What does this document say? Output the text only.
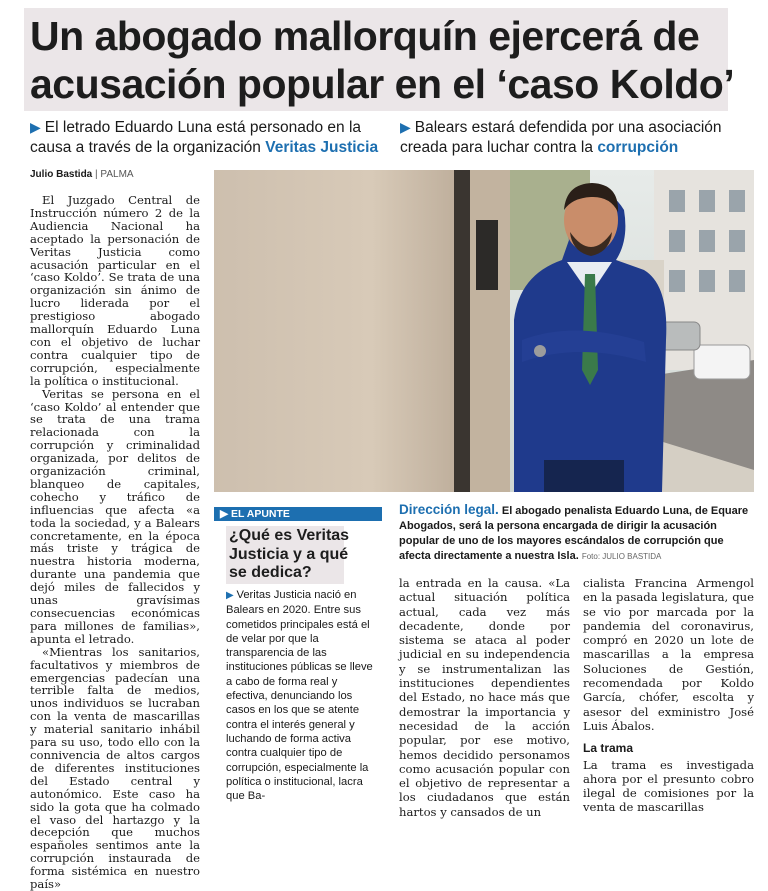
Un abogado mallorquín ejercerá de acusación popular en el ‘caso Koldo’
▶ El letrado Eduardo Luna está personado en la causa a través de la organización Veritas Justicia
▶ Balears estará defendida por una asociación creada para luchar contra la corrupción
Julio Bastida | PALMA

El Juzgado Central de Instrucción número 2 de la Audiencia Nacional ha aceptado la personación de Veritas Justicia como acusación particular en el ‘caso Koldo’. Se trata de una organización sin ánimo de lucro liderada por el prestigioso abogado mallorquín Eduardo Luna con el objetivo de luchar contra cualquier tipo de corrupción, especialmente la política o institucional.

Veritas se persona en el ‘caso Koldo’ al entender que se trata de una trama relacionada con la corrupción y criminalidad organizada, por delitos de organización criminal, blanqueo de capitales, cohecho y tráfico de influencias que afecta «a toda la sociedad, y a Balears concretamente, en la época más triste y trágica de nuestra historia moderna, durante una pandemia que dejó miles de fallecidos y unas gravísimas consecuencias económicas para millones de familias», apunta el letrado.

«Mientras los sanitarios, facultativos y miembros de emergencias padecían una terrible falta de medios, unos individuos se lucraban con la venta de mascarillas y material sanitario inhábil para su uso, todo ello con la connivencia de altos cargos de diferentes instituciones del Estado central y autonómico. Este caso ha sido la gota que ha colmado el vaso del hartazgo y la decepción que muchos españoles sentimos ante la corrupción instaurada de forma sistémica en nuestro país»

▶ EL APUNTE
¿Qué es Veritas Justicia y a qué se dedica?
▶ Veritas Justicia nació en Balears en 2020. Entre sus cometidos principales está el de velar por que la transparencia de las instituciones públicas se lleve a cabo de forma real y efectiva, denunciando los casos en los que se atente contra el interés general y luchando de forma activa contra cualquier tipo de corrupción, especialmente la política o institucional, lacra que Ba-
Dirección legal. El abogado penalista Eduardo Luna, de Equare Abogados, será la persona encargada de dirigir la acusación popular de uno de los mayores escándalos de corrupción que afecta directamente a nuestra Isla. Foto: JULIO BASTIDA

la entrada en la causa. «La actual situación política actual, cada vez más decadente, donde por sistema se ataca al poder judicial en su independencia y se instrumentalizan las instituciones dependientes del Estado, no hace más que demostrar la importancia y necesidad de la acción popular, por ese motivo, hemos decidido personamos como acusación popular con el objetivo de representar a los ciudadanos que están hartos y cansados de un

cialista Francina Armengol en la pasada legislatura, que se vio por marcada por la pandemia del coronavirus, compró en 2020 un lote de mascarillas a la empresa Soluciones de Gestión, recomendada por Koldo García, chófer, escolta y asesor del exministro José Luis Ábalos.

La trama

La trama es investigada ahora por el presunto cobro ilegal de comisiones por la venta de mascarillas
